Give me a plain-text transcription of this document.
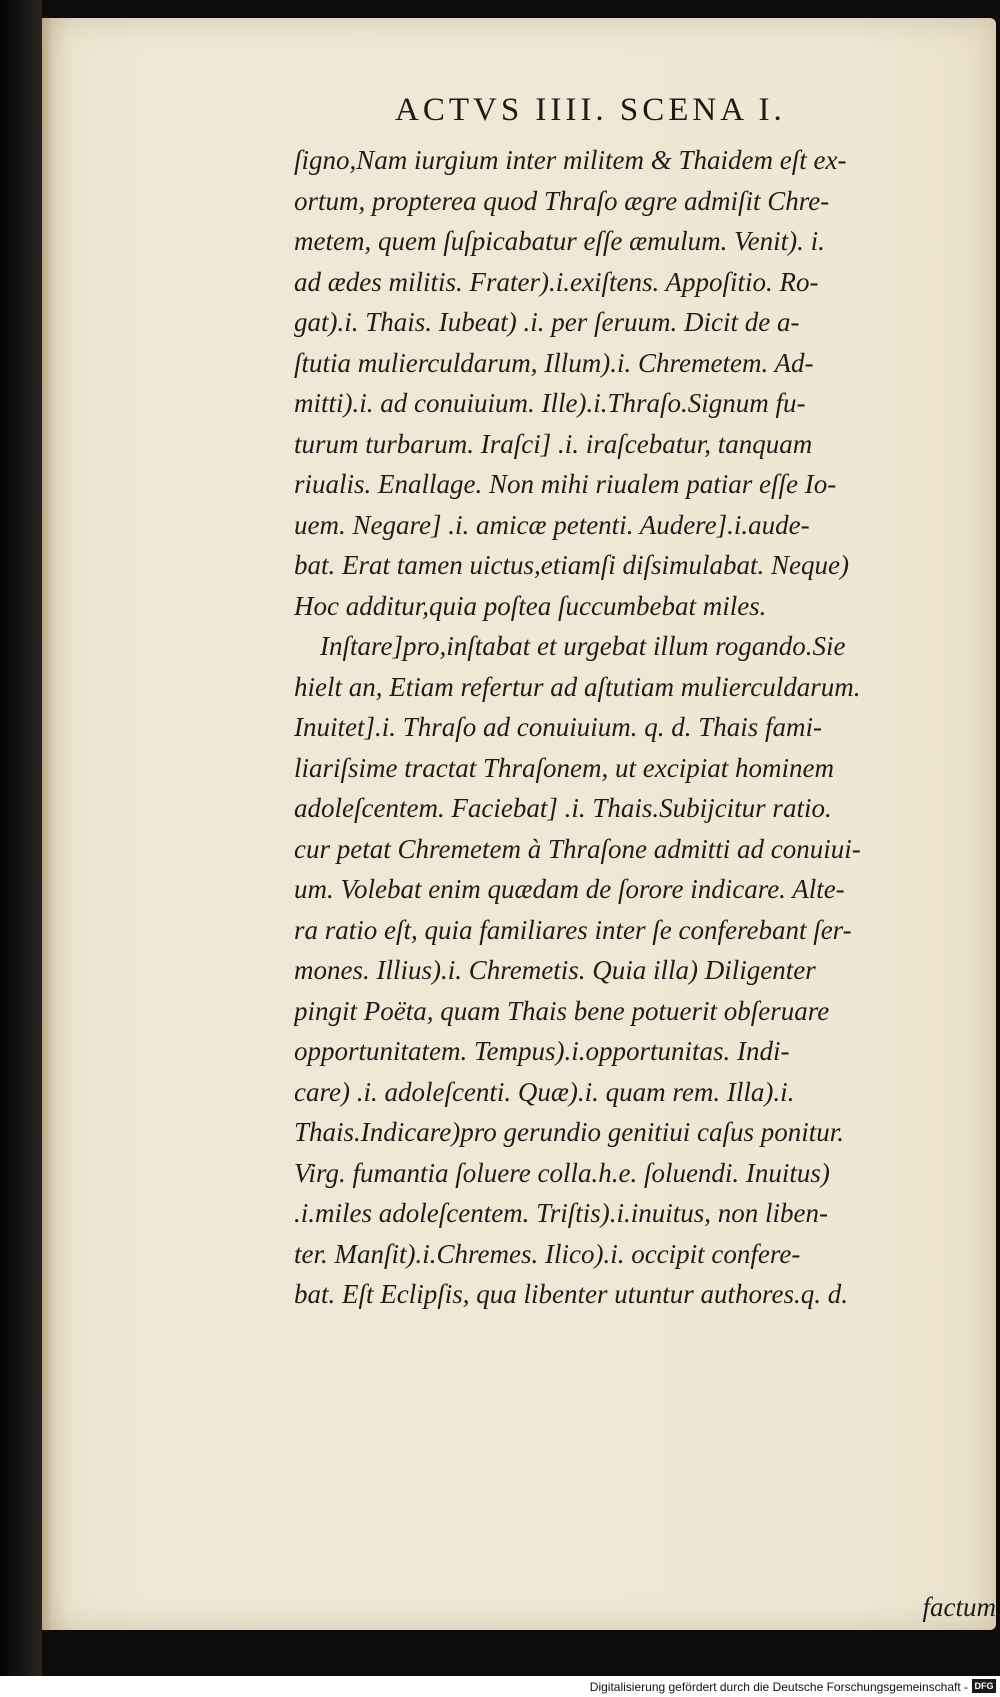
ACTVS IIII. SCENA I.
ſigno,Nam iurgium inter militem & Thaidem eſt ex-
ortum, propterea quod Thraſo ægre admiſit Chre-
metem, quem ſuſpicabatur eſſe æmulum. Venit). i.
ad ædes militis. Frater).i.exiſtens. Appoſitio. Ro-
gat).i. Thais. Iubeat) .i. per ſeruum. Dicit de a-
ſtutia mulierculdarum, Illum).i. Chremetem. Ad-
mitti).i. ad conuiuium. Ille).i.Thraſo.Signum fu-
turum turbarum. Iraſci] .i. iraſcebatur, tanquam
riualis. Enallage. Non mihi riualem patiar eſſe Io-
uem. Negare] .i. amicæ petenti. Audere].i.aude-
bat. Erat tamen uictus,etiamſi diſsimulabat. Neque)
Hoc additur,quia poſtea ſuccumbebat miles.
Inſtare]pro,inſtabat et urgebat illum rogando.Sie
hielt an, Etiam refertur ad aſtutiam mulierculdarum.
Inuitet].i. Thraſo ad conuiuium. q. d. Thais fami-
liariſsime tractat Thraſonem, ut excipiat hominem
adoleſcentem. Faciebat] .i. Thais.Subijcitur ratio.
cur petat Chremetem à Thraſone admitti ad conuiui-
um. Volebat enim quædam de ſorore indicare. Alte-
ra ratio eſt, quia familiares inter ſe conferebant ſer-
mones. Illius).i. Chremetis. Quia illa) Diligenter
pingit Poëta, quam Thais bene potuerit obſeruare
opportunitatem. Tempus).i.opportunitas. Indi-
care) .i. adoleſcenti. Quæ).i. quam rem. Illa).i.
Thais.Indicare)pro gerundio genitiui caſus ponitur.
Virg. fumantia ſoluere colla.h.e. ſoluendi. Inuitus)
.i.miles adoleſcentem. Triſtis).i.inuitus, non liben-
ter. Manſit).i.Chremes. Ilico).i. occipit confere-
bat. Eſt Eclipſis, qua libenter utuntur authores.q. d.
factum
Digitalisierung gefördert durch die Deutsche Forschungsgemeinschaft - DFG
